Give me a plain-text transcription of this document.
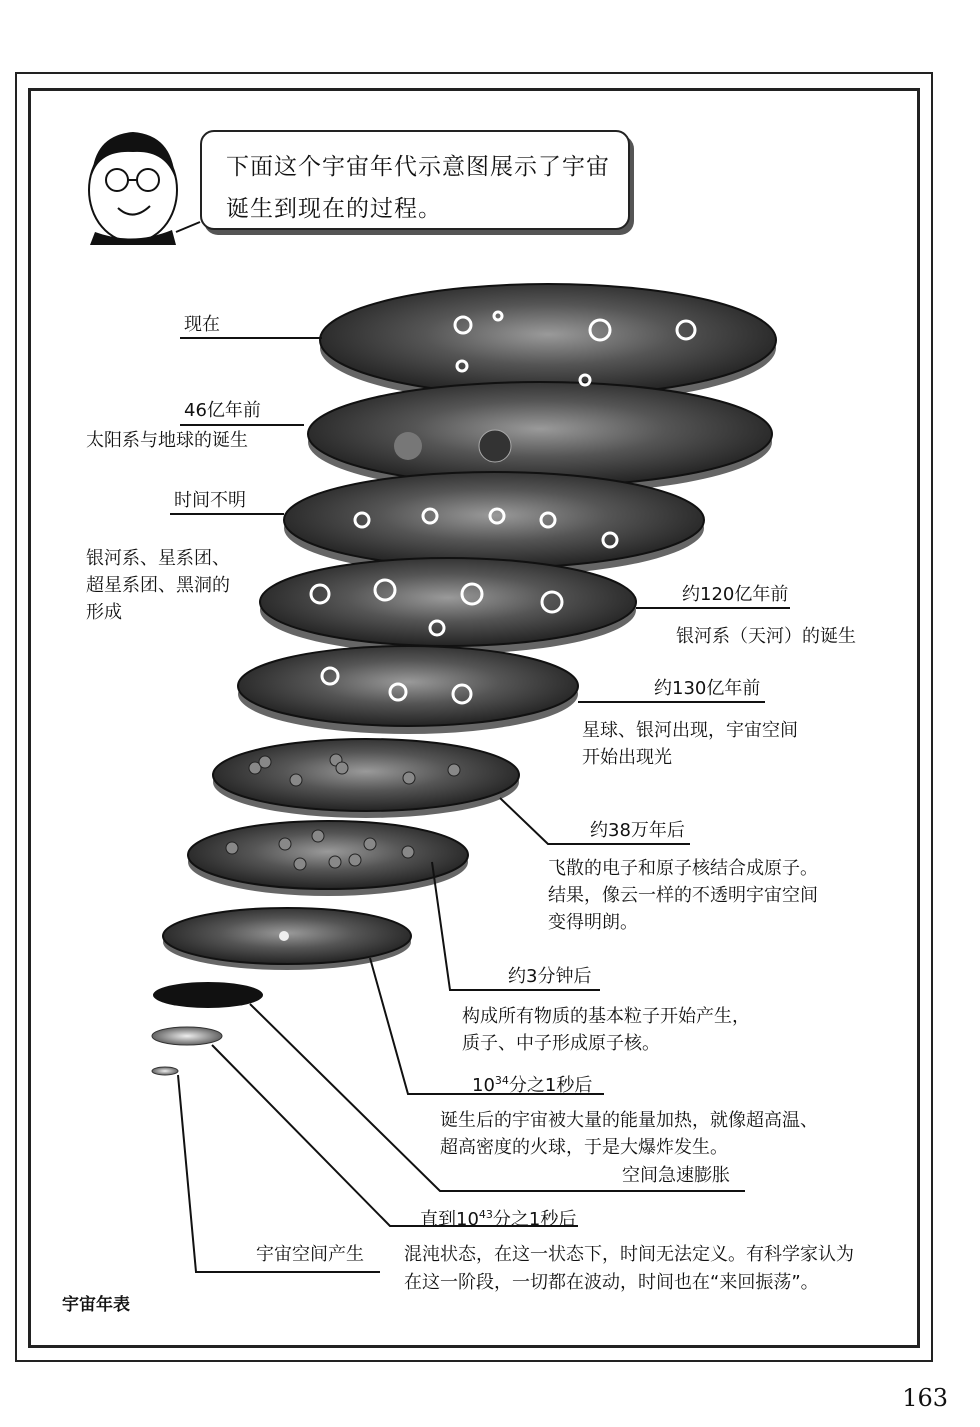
下面这个宇宙年代示意图展示了宇宙
诞生到现在的过程。
现在
46亿年前
太阳系与地球的诞生
时间不明
银河系、星系团、
超星系团、黑洞的
形成
约120亿年前
银河系（天河）的诞生
约130亿年前
星球、银河出现，宇宙空间
开始出现光
约38万年后
飞散的电子和原子核结合成原子。
结果，像云一样的不透明宇宙空间
变得明朗。
约3分钟后
构成所有物质的基本粒子开始产生，
质子、中子形成原子核。
$10^{34}$分之1秒后
诞生后的宇宙被大量的能量加热，就像超高温、
超高密度的火球，于是大爆炸发生。
空间急速膨胀
直到$10^{43}$分之1秒后
宇宙空间产生 混沌状态，在这一状态下，时间无法定义。有科学家认为
在这一阶段，一切都在波动，时间也在“来回振荡”。
宇宙年表
163
